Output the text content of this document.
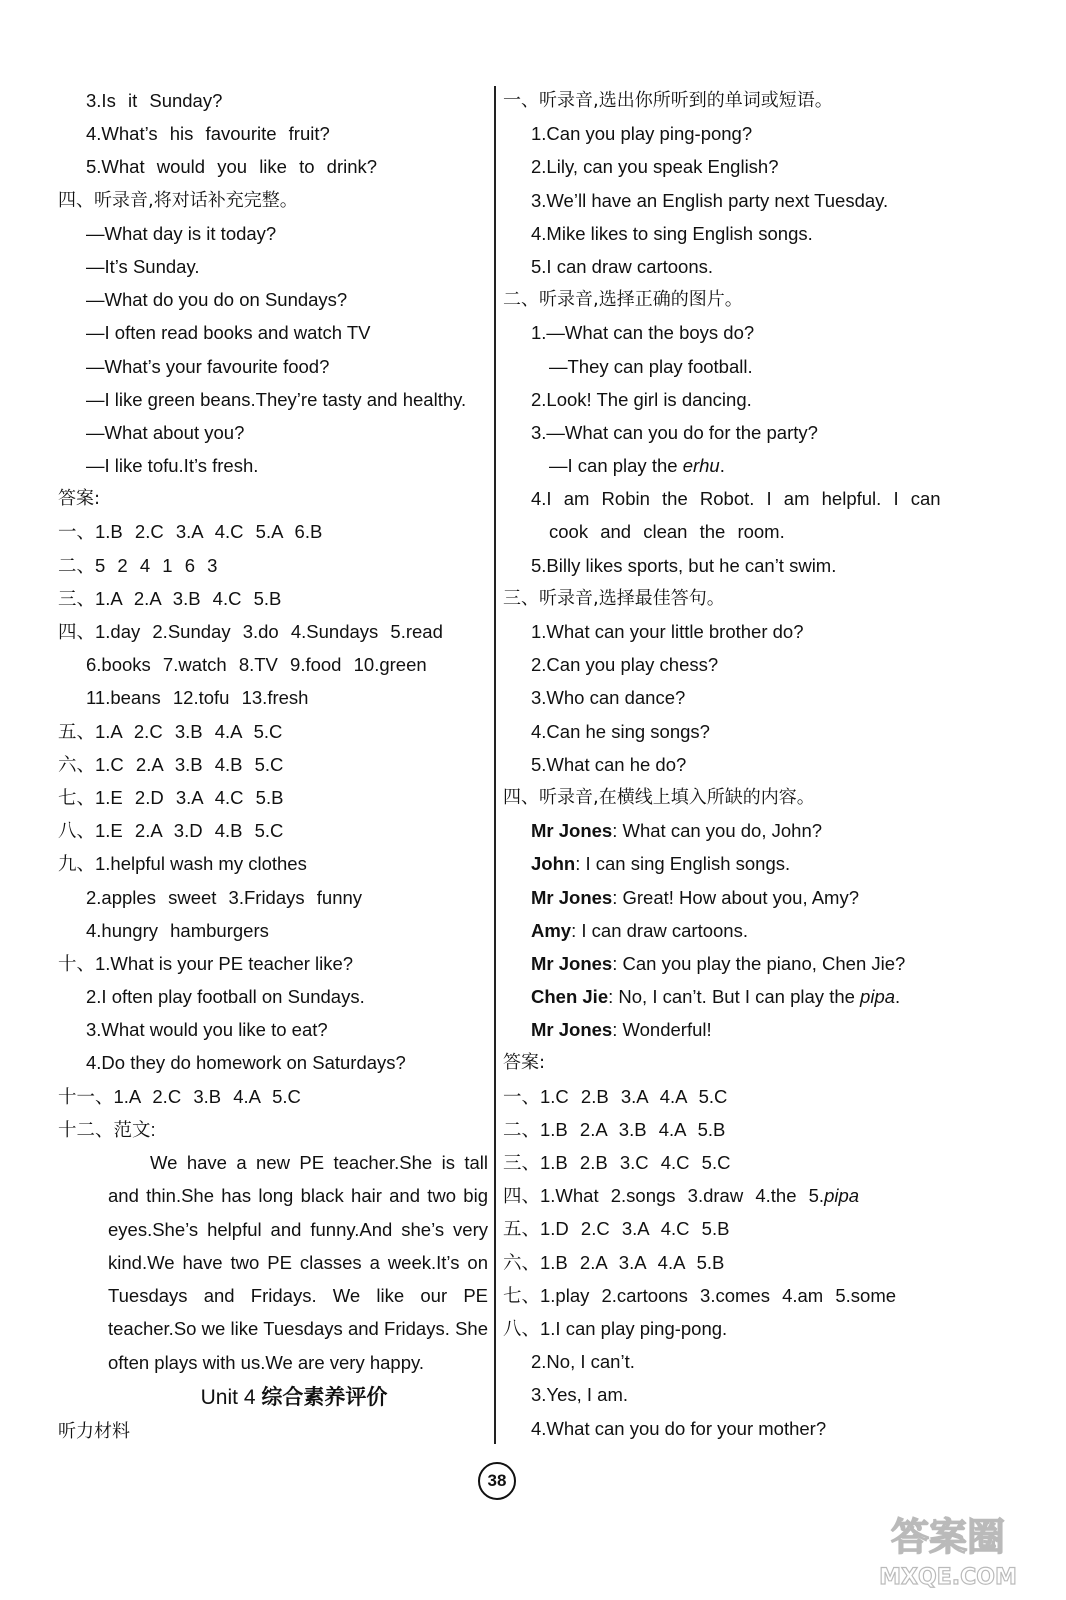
3.Is it Sunday?
4.What’s his favourite fruit?
5.What would you like to drink?
四、听录音,将对话补充完整。
—What day is it today?
—It’s Sunday.
—What do you do on Sundays?
—I often read books and watch TV
—What’s your favourite food?
—I like green beans.They’re tasty and healthy.
—What about you?
—I like tofu.It’s fresh.
答案:
一、1.B 2.C 3.A 4.C 5.A 6.B
二、5 2 4 1 6 3
三、1.A 2.A 3.B 4.C 5.B
四、1.day 2.Sunday 3.do 4.Sundays 5.read
6.books 7.watch 8.TV 9.food 10.green
11.beans 12.tofu 13.fresh
五、1.A 2.C 3.B 4.A 5.C
六、1.C 2.A 3.B 4.B 5.C
七、1.E 2.D 3.A 4.C 5.B
八、1.E 2.A 3.D 4.B 5.C
九、1.helpful wash my clothes
2.apples sweet 3.Fridays funny
4.hungry hamburgers
十、1.What is your PE teacher like?
2.I often play football on Sundays.
3.What would you like to eat?
4.Do they do homework on Saturdays?
十一、1.A 2.C 3.B 4.A 5.C
十二、范文:
We have a new PE teacher.She is tall and thin.She has long black hair and two big eyes.She’s helpful and funny.And she’s very kind.We have two PE classes a week.It’s on Tuesdays and Fridays. We like our PE teacher.So we like Tuesdays and Fridays. She often plays with us.We are very happy.
Unit 4 综合素养评价
听力材料
一、听录音,选出你所听到的单词或短语。
1.Can you play ping-pong?
2.Lily, can you speak English?
3.We’ll have an English party next Tuesday.
4.Mike likes to sing English songs.
5.I can draw cartoons.
二、听录音,选择正确的图片。
1.—What can the boys do?
—They can play football.
2.Look! The girl is dancing.
3.—What can you do for the party?
—I can play the erhu.
4.I am Robin the Robot. I am helpful. I can
cook and clean the room.
5.Billy likes sports, but he can’t swim.
三、听录音,选择最佳答句。
1.What can your little brother do?
2.Can you play chess?
3.Who can dance?
4.Can he sing songs?
5.What can he do?
四、听录音,在横线上填入所缺的内容。
Mr Jones: What can you do, John?
John: I can sing English songs.
Mr Jones: Great! How about you, Amy?
Amy: I can draw cartoons.
Mr Jones: Can you play the piano, Chen Jie?
Chen Jie: No, I can’t. But I can play the pipa.
Mr Jones: Wonderful!
答案:
一、1.C 2.B 3.A 4.A 5.C
二、1.B 2.A 3.B 4.A 5.B
三、1.B 2.B 3.C 4.C 5.C
四、1.What 2.songs 3.draw 4.the 5.pipa
五、1.D 2.C 3.A 4.C 5.B
六、1.B 2.A 3.A 4.A 5.B
七、1.play 2.cartoons 3.comes 4.am 5.some
八、1.I can play ping-pong.
2.No, I can’t.
3.Yes, I am.
4.What can you do for your mother?
38
答案圈
MXQE.COM
